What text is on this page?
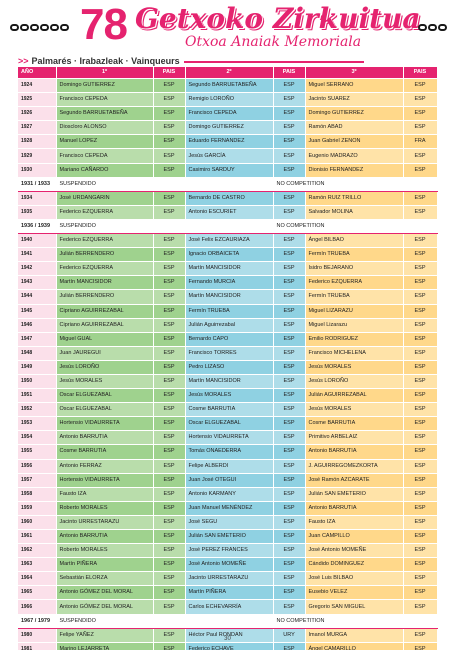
78 Getxoko Zirkuitua
Otxoa Anaiak Memoriala
>> Palmarés · Irabazleak · Vainqueurs
AÑO	1º	PAIS	2º	PAIS	3º	PAIS
1924	Domingo GUTIERREZ	ESP	Segundo BARRUETABEÑA	ESP	Miguel SERRANO	ESP
1925	Francisco CEPEDA	ESP	Remigio LOROÑO	ESP	Jacinto SUAREZ	ESP
1926	Segundo BARRUETABEÑA	ESP	Francisco CEPEDA	ESP	Domingo GUTIERREZ	ESP
1927	Dioscloro ALONSO	ESP	Domingo GUTIERREZ	ESP	Ramón ABAD	ESP
1928	Manuel LOPEZ	ESP	Eduardo FERNANDEZ	ESP	Juan Gabriel ZENON	FRA
1929	Francisco CEPEDA	ESP	Jesús GARCÍA	ESP	Eugenio MADRAZO	ESP
1930	Mariano CAÑARDO	ESP	Casimiro SARDUY	ESP	Dionisio FERNANDEZ	ESP
1931 / 1933	SUSPENDIDO			NO COMPETITION		
1934	José URDANGARIN	ESP	Bernardo DE CASTRO	ESP	Ramón RUIZ TRILLO	ESP
1935	Federico EZQUERRA	ESP	Antonio ESCURIET	ESP	Salvador MOLINA	ESP
1936 / 1939	SUSPENDIDO			NO COMPETITION		
1940	Federico EZQUERRA	ESP	José Felix EZCAURIAZA	ESP	Ángel BILBAO	ESP
1941	Julián BERRENDERO	ESP	Ignacio ORBAICETA	ESP	Fermín TRUEBA	ESP
1942	Federico EZQUERRA	ESP	Martín MANCISIDOR	ESP	Isidro BEJARANO	ESP
1943	Martín MANCISIDOR	ESP	Fernando MURCIA	ESP	Federico EZQUERRA	ESP
1944	Julián BERRENDERO	ESP	Martín MANCISIDOR	ESP	Fermín TRUEBA	ESP
1945	Cipriano AGUIRREZABAL	ESP	Fermín TRUEBA	ESP	Miguel LIZARAZU	ESP
1946	Cipriano AGUIRREZABAL	ESP	Julián Aguirrezabal	ESP	Miguel Lizarazu	ESP
1947	Miguel GUAL	ESP	Bernardo CAPO	ESP	Emilio RODRIGUEZ	ESP
1948	Juan JAUREGUI	ESP	Francisco TORRES	ESP	Francisco MICHELENA	ESP
1949	Jesús LOROÑO	ESP	Pedro LIZASO	ESP	Jesús MORALES	ESP
1950	Jesús MORALES	ESP	Martín MANCISIDOR	ESP	Jesús LOROÑO	ESP
1951	Oscar ELGUEZABAL	ESP	Jesús MORALES	ESP	Julián AGUIRREZABAL	ESP
1952	Oscar ELGUEZABAL	ESP	Cosme BARRUTIA	ESP	Jesús MORALES	ESP
1953	Hortensio VIDAURRETA	ESP	Oscar ELGUEZABAL	ESP	Cosme BARRUTIA	ESP
1954	Antonio BARRUTIA	ESP	Hortensio VIDAURRETA	ESP	Primitivo ARBELAIZ	ESP
1955	Cosme BARRUTIA	ESP	Tomás ONAEDERRA	ESP	Antonio BARRUTIA	ESP
1956	Antonio FERRAZ	ESP	Felipe ALBERDI	ESP	J. AGUIRREGOMEZKORTA	ESP
1957	Hortensio VIDAURRETA	ESP	Juan José OTEGUI	ESP	José Ramón AZCARATE	ESP
1958	Fausto IZA	ESP	Antonio KARMANY	ESP	Julián SAN EMETERIO	ESP
1959	Roberto MORALES	ESP	Juan Manuel MENÉNDEZ	ESP	Antonio BARRUTIA	ESP
1960	Jacinto URRESTARAZU	ESP	José SEGU	ESP	Fausto IZA	ESP
1961	Antonio BARRUTIA	ESP	Julián SAN EMETERIO	ESP	Juan CAMPILLO	ESP
1962	Roberto MORALES	ESP	José PEREZ FRANCES	ESP	José Antonio MOMEÑE	ESP
1963	Martín PIÑERA	ESP	José Antonio MOMEÑE	ESP	Cándido DOMINGUEZ	ESP
1964	Sebastián ELORZA	ESP	Jacinto URRESTARAZU	ESP	José Luis BILBAO	ESP
1965	Antonio GÓMEZ DEL MORAL	ESP	Martín PIÑERA	ESP	Eusebio VELEZ	ESP
1966	Antonio GÓMEZ DEL MORAL	ESP	Carlos ECHEVARRÍA	ESP	Gregorio SAN MIGUEL	ESP
1967 / 1979	SUSPENDIDO			NO COMPETITION		
1980	Felipe YAÑEZ	ESP	Héctor Paul RONDAN	URY	Imanol MURGA	ESP
1981	Marino LEJARRETA	ESP	Federico ECHAVE	ESP	Ángel CAMARILLO	ESP
30
